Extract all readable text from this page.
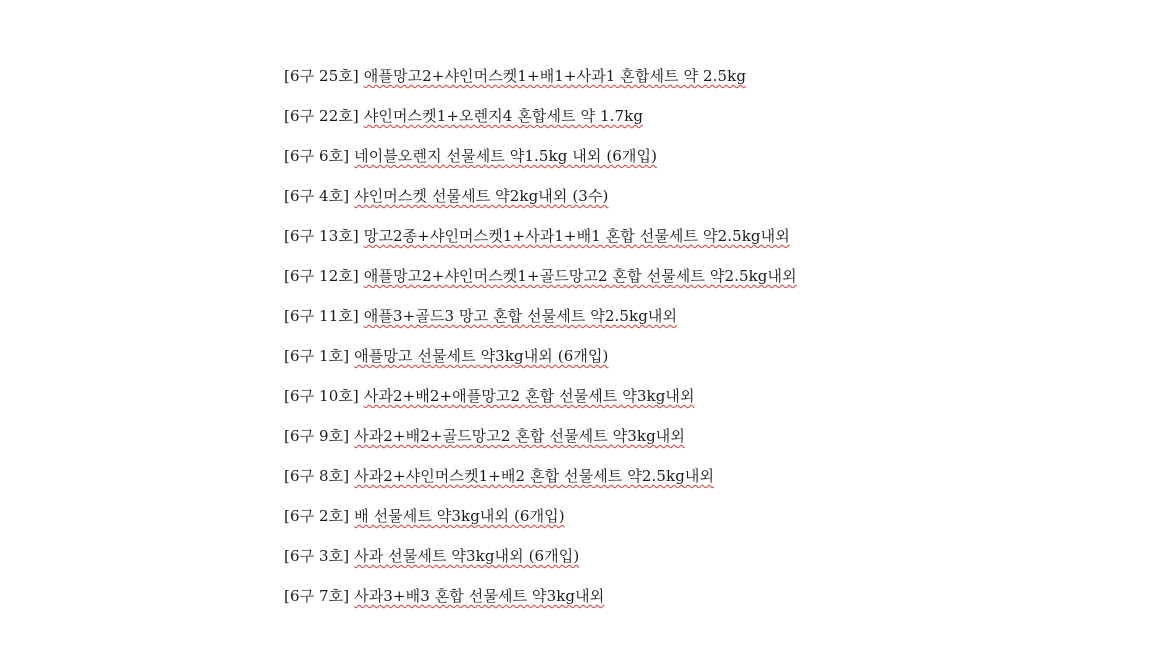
[6구 25호] 애플망고2+샤인머스켓1+배1+사과1 혼합세트 약 2.5kg
[6구 22호] 샤인머스켓1+오렌지4 혼합세트 약 1.7kg
[6구 6호] 네이블오렌지 선물세트 약1.5kg 내외 (6개입)
[6구 4호] 샤인머스켓 선물세트 약2kg내외 (3수)
[6구 13호] 망고2종+샤인머스켓1+사과1+배1 혼합 선물세트 약2.5kg내외
[6구 12호] 애플망고2+샤인머스켓1+골드망고2 혼합 선물세트 약2.5kg내외
[6구 11호] 애플3+골드3 망고 혼합 선물세트 약2.5kg내외
[6구 1호] 애플망고 선물세트 약3kg내외 (6개입)
[6구 10호] 사과2+배2+애플망고2 혼합 선물세트 약3kg내외
[6구 9호] 사과2+배2+골드망고2 혼합 선물세트 약3kg내외
[6구 8호] 사과2+샤인머스켓1+배2 혼합 선물세트 약2.5kg내외
[6구 2호] 배 선물세트 약3kg내외 (6개입)
[6구 3호] 사과 선물세트 약3kg내외 (6개입)
[6구 7호] 사과3+배3 혼합 선물세트 약3kg내외
